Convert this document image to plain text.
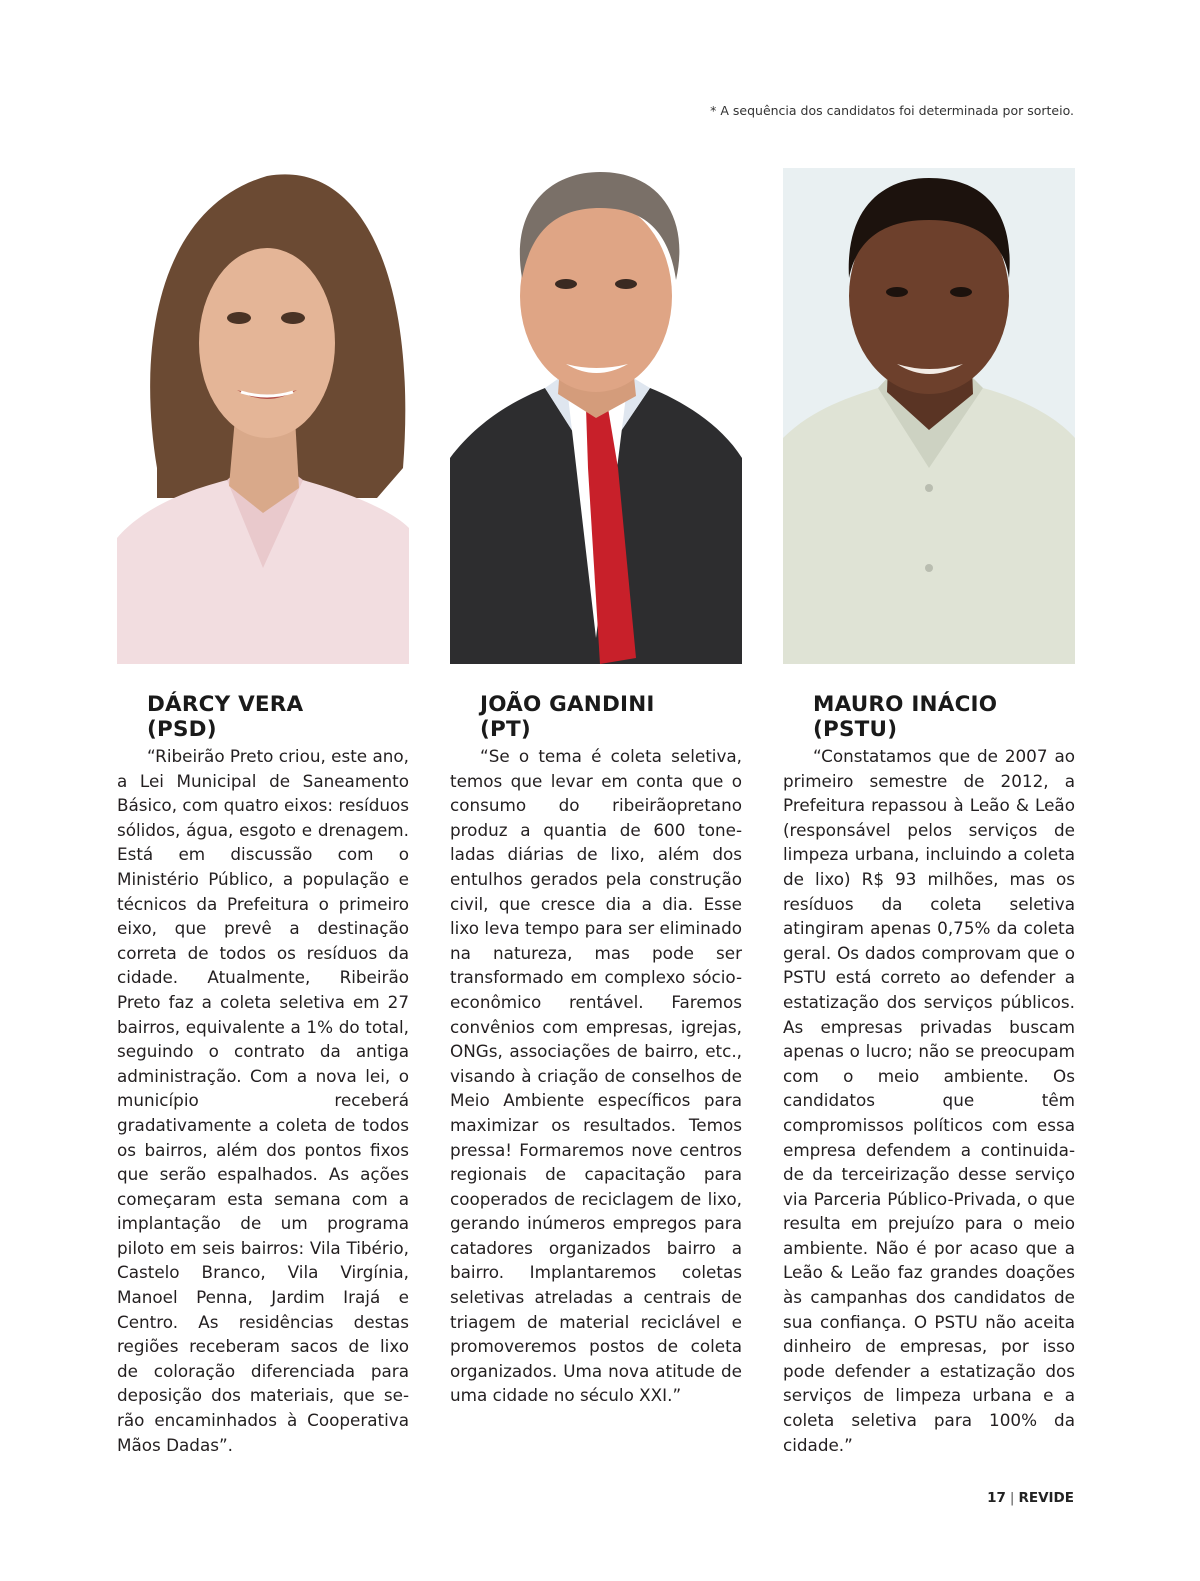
* A sequência dos candidatos foi determinada por sorteio.
DÁRCY VERA
(PSD)
“Ribeirão Preto criou, este ano, a Lei Municipal de Saneamento Básico, com quatro eixos: resíduos sólidos, água, esgoto e drenagem. Está em discussão com o Ministério Público, a população e técnicos da Prefeitura o primeiro eixo, que prevê a destinação correta de todos os resíduos da cidade. Atualmente, Ribeirão Preto faz a coleta seletiva em 27 bairros, equivalente a 1% do total, seguindo o contrato da antiga administração. Com a nova lei, o município receberá gradativamente a coleta de todos os bairros, além dos pontos fixos que serão espalhados. As ações começaram esta semana com a implantação de um programa piloto em seis bairros: Vila Tibério, Castelo Branco, Vila Virgínia, Manoel Penna, Jardim Irajá e Centro. As residências destas regiões receberam sacos de lixo de coloração diferenciada para deposição dos materiais, que serão encaminhados à Cooperativa Mãos Dadas”.
JOÃO GANDINI
(PT)
“Se o tema é coleta seletiva, temos que levar em conta que o consumo do ribeirãopretano produz a quantia de 600 toneladas diárias de lixo, além dos entulhos gerados pela construção civil, que cresce dia a dia. Esse lixo leva tempo para ser eliminado na natureza, mas pode ser transformado em complexo sócio-econômico rentável. Faremos convênios com empresas, igrejas, ONGs, associações de bairro, etc., visando à criação de conselhos de Meio Ambiente específicos para maximizar os resultados. Temos pressa! Formaremos nove centros regionais de capacitação para cooperados de reciclagem de lixo, gerando inúmeros empregos para catadores organizados bairro a bairro. Implantaremos coletas seletivas atreladas a centrais de triagem de material reciclável e promoveremos postos de coleta organizados. Uma nova atitude de uma cidade no século XXI.”
MAURO INÁCIO
(PSTU)
“Constatamos que de 2007 ao primeiro semestre de 2012, a Prefeitura repassou à Leão & Leão (responsável pelos serviços de limpeza urbana, incluindo a coleta de lixo) R$ 93 milhões, mas os resíduos da coleta seletiva atingiram apenas 0,75% da coleta geral. Os dados comprovam que o PSTU está correto ao defender a estatização dos serviços públicos. As empresas privadas buscam apenas o lucro; não se preocupam com o meio ambiente. Os candidatos que têm compromissos políticos com essa empresa defendem a continuidade da terceirização desse serviço via Parceria Público-Privada, o que resulta em prejuízo para o meio ambiente. Não é por acaso que a Leão & Leão faz grandes doações às campanhas dos candidatos de sua confiança. O PSTU não aceita dinheiro de empresas, por isso pode defender a estatização dos serviços de limpeza urbana e a coleta seletiva para 100% da cidade.”
17 | REVIDE
